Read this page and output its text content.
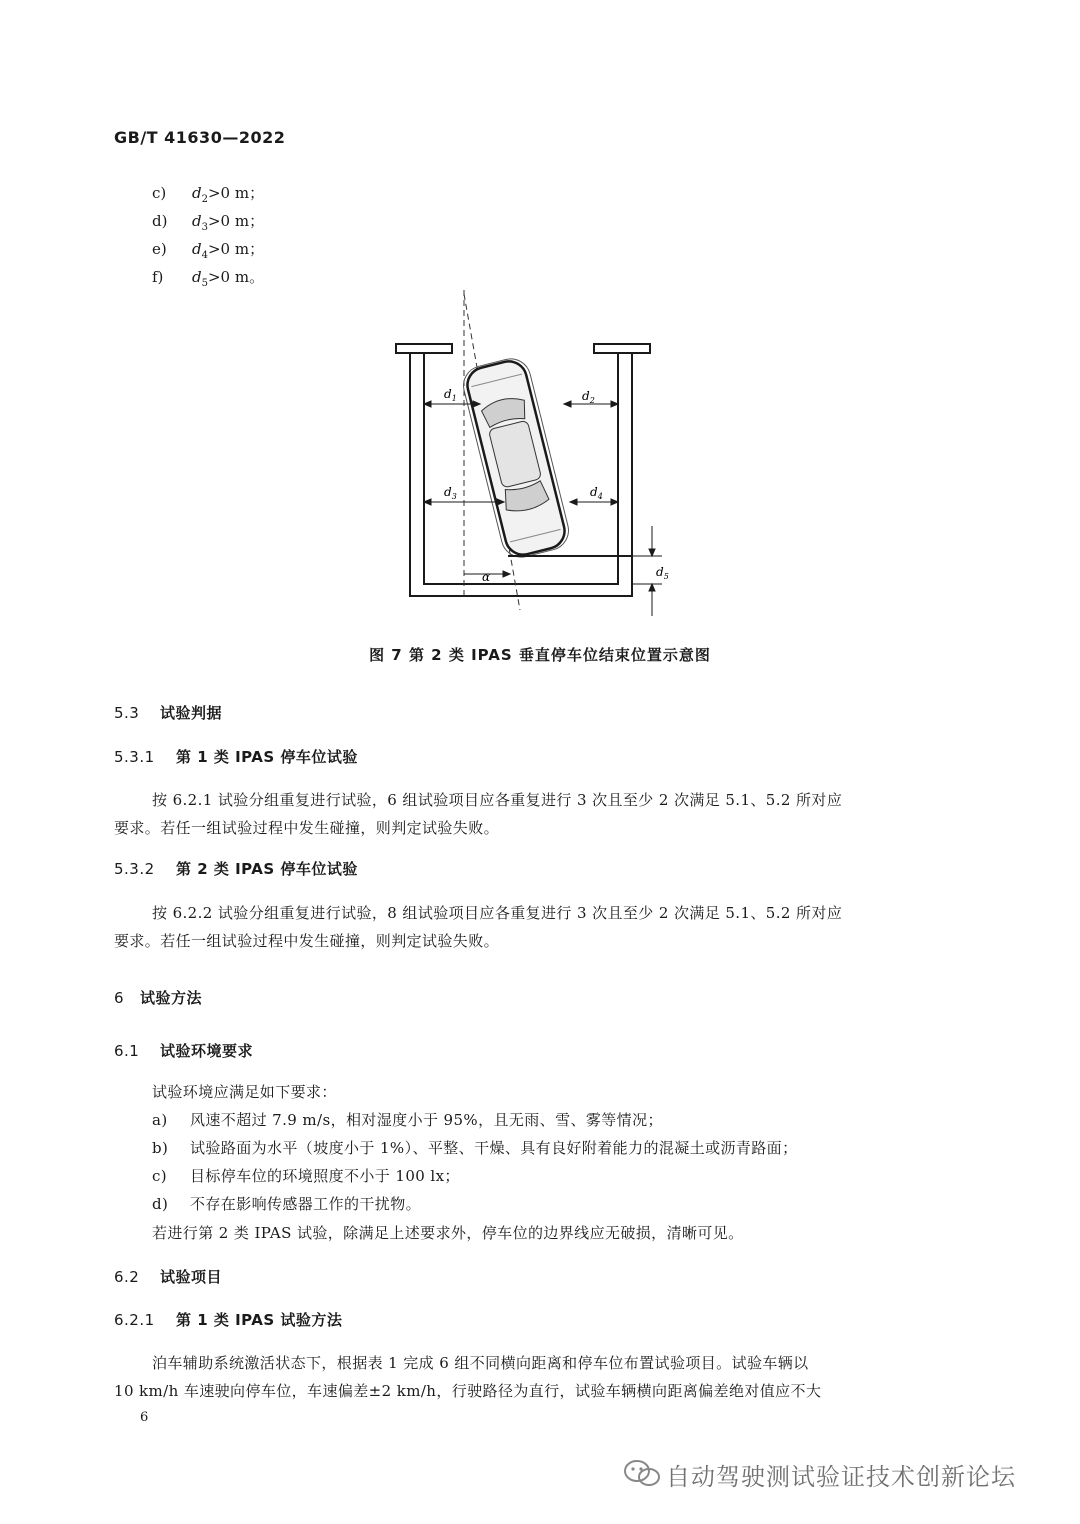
GB/T 41630—2022
c) $d_2>0$ m；
d) $d_3>0$ m；
e) $d_4>0$ m；
f) $d_5>0$ m。
$d_1$	$d_2$
$d_3$	$d_4$
$d_5$
α
图 7 第 2 类 IPAS 垂直停车位结束位置示意图
5.3 试验判据
5.3.1 第 1 类 IPAS 停车位试验
按 6.2.1 试验分组重复进行试验，6 组试验项目应各重复进行 3 次且至少 2 次满足 5.1、5.2 所对应
要求。若任一组试验过程中发生碰撞，则判定试验失败。
5.3.2 第 2 类 IPAS 停车位试验
按 6.2.2 试验分组重复进行试验，8 组试验项目应各重复进行 3 次且至少 2 次满足 5.1、5.2 所对应
要求。若任一组试验过程中发生碰撞，则判定试验失败。
6 试验方法
6.1 试验环境要求
试验环境应满足如下要求：
a) 风速不超过 7.9 m/s，相对湿度小于 95%，且无雨、雪、雾等情况；
b) 试验路面为水平（坡度小于 1%）、平整、干燥、具有良好附着能力的混凝土或沥青路面；
c) 目标停车位的环境照度不小于 100 lx；
d) 不存在影响传感器工作的干扰物。
若进行第 2 类 IPAS 试验，除满足上述要求外，停车位的边界线应无破损，清晰可见。
6.2 试验项目
6.2.1 第 1 类 IPAS 试验方法
泊车辅助系统激活状态下，根据表 1 完成 6 组不同横向距离和停车位布置试验项目。试验车辆以
10 km/h 车速驶向停车位，车速偏差±2 km/h，行驶路径为直行，试验车辆横向距离偏差绝对值应不大
6
自动驾驶测试验证技术创新论坛
